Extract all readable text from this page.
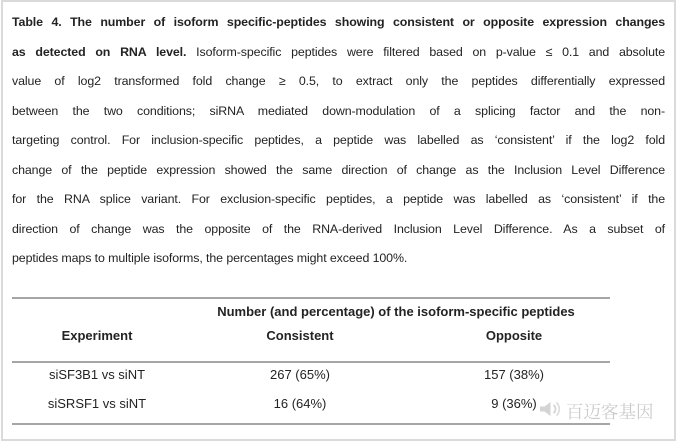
Table 4. The number of isoform specific-peptides showing consistent or opposite expression changes
as detected on RNA level. Isoform-specific peptides were filtered based on p-value ≤ 0.1 and absolute
value of log2 transformed fold change ≥ 0.5, to extract only the peptides differentially expressed
between the two conditions; siRNA mediated down-modulation of a splicing factor and the non-
targeting control. For inclusion-specific peptides, a peptide was labelled as ‘consistent’ if the log2 fold
change of the peptide expression showed the same direction of change as the Inclusion Level Difference
for the RNA splice variant. For exclusion-specific peptides, a peptide was labelled as ‘consistent’ if the
direction of change was the opposite of the RNA-derived Inclusion Level Difference. As a subset of
peptides maps to multiple isoforms, the percentages might exceed 100%.
Number (and percentage) of the isoform-specific peptides
Experiment	Consistent	Opposite
siSF3B1 vs siNT	267 (65%)	157 (38%)
siSRSF1 vs siNT	16 (64%)	9 (36%)	百迈客基因
